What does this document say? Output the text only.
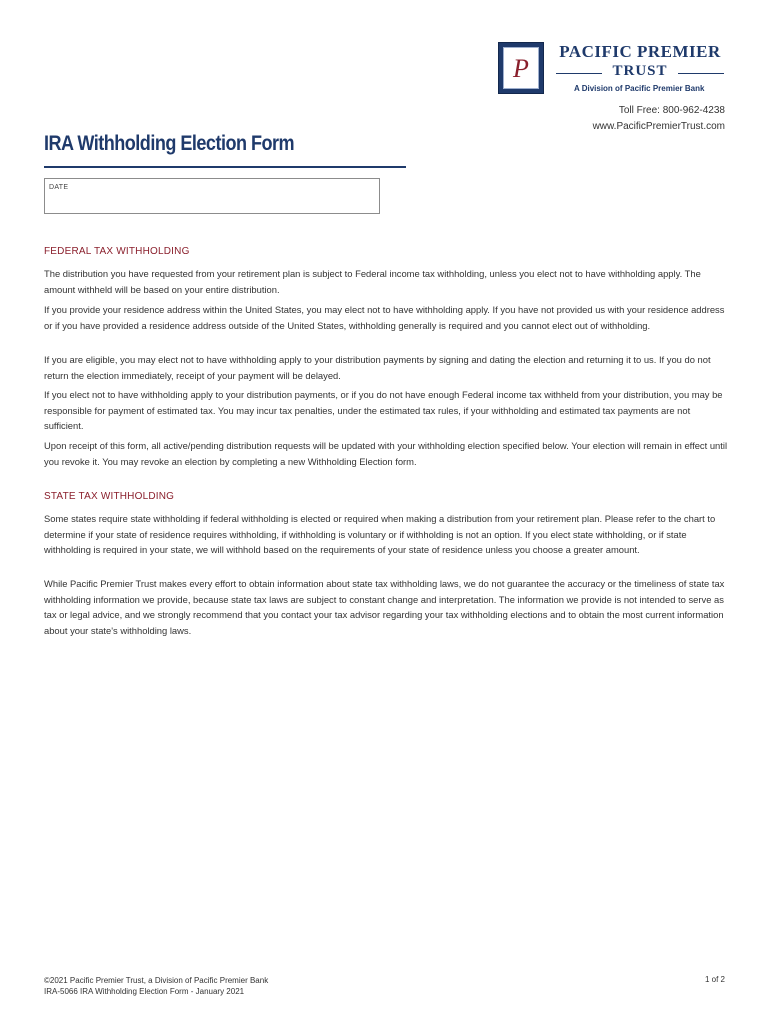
P
PACIFIC PREMIER
TRUST
A Division of Pacific Premier Bank
Toll Free: 800-962-4238
www.PacificPremierTrust.com
IRA Withholding Election Form
DATE
FEDERAL TAX WITHHOLDING

The distribution you have requested from your retirement plan is subject to Federal income tax withholding, unless you elect not to have withholding apply. The amount withheld will be based on your entire distribution.

If you provide your residence address within the United States, you may elect not to have withholding apply. If you have not provided us with your residence address or if you have provided a residence address outside of the United States, withholding generally is required and you cannot elect out of withholding.

If you are eligible, you may elect not to have withholding apply to your distribution payments by signing and dating the election and returning it to us. If you do not return the election immediately, receipt of your payment will be delayed.

If you elect not to have withholding apply to your distribution payments, or if you do not have enough Federal income tax withheld from your distribution, you may be responsible for payment of estimated tax. You may incur tax penalties, under the estimated tax rules, if your withholding and estimated tax payments are not sufficient.

Upon receipt of this form, all active/pending distribution requests will be updated with your withholding election specified below. Your election will remain in effect until you revoke it. You may revoke an election by completing a new Withholding Election form.

STATE TAX WITHHOLDING

Some states require state withholding if federal withholding is elected or required when making a distribution from your retirement plan. Please refer to the chart to determine if your state of residence requires withholding, if withholding is voluntary or if withholding is not an option. If you elect state withholding, or if state withholding is required in your state, we will withhold based on the requirements of your state of residence unless you choose a greater amount.

While Pacific Premier Trust makes every effort to obtain information about state tax withholding laws, we do not guarantee the accuracy or the timeliness of state tax withholding information we provide, because state tax laws are subject to constant change and interpretation. The information we provide is not intended to serve as tax or legal advice, and we strongly recommend that you contact your tax advisor regarding your tax withholding elections and to obtain the most current information about your state's withholding laws.

©2021 Pacific Premier Trust, a Division of Pacific Premier Bank
IRA-5066 IRA Withholding Election Form - January 2021
1 of 2
